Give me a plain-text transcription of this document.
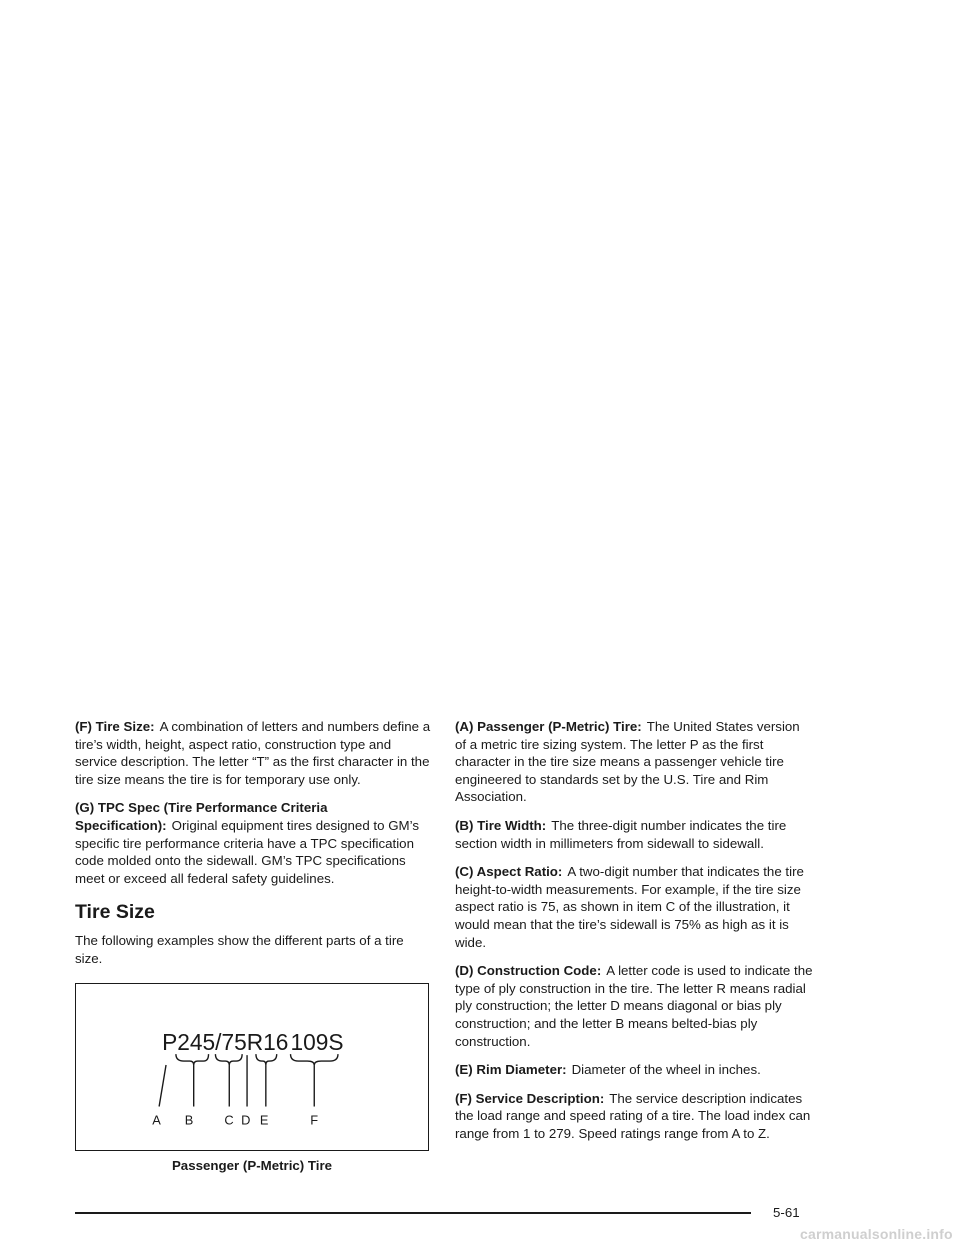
(F) Tire Size: A combination of letters and numbers define a tire’s width, height, aspect ratio, construction type and service description. The letter “T” as the first character in the tire size means the tire is for temporary use only.

(G) TPC Spec (Tire Performance Criteria Specification): Original equipment tires designed to GM’s specific tire performance criteria have a TPC specification code molded onto the sidewall. GM’s TPC specifications meet or exceed all federal safety guidelines.

Tire Size

The following examples show the different parts of a tire size.

P245/75R16 109S
A B C D E	F
Passenger (P-Metric) Tire

(A) Passenger (P-Metric) Tire: The United States version of a metric tire sizing system. The letter P as the first character in the tire size means a passenger vehicle tire engineered to standards set by the U.S. Tire and Rim Association.

(B) Tire Width: The three-digit number indicates the tire section width in millimeters from sidewall to sidewall.

(C) Aspect Ratio: A two-digit number that indicates the tire height-to-width measurements. For example, if the tire size aspect ratio is 75, as shown in item C of the illustration, it would mean that the tire’s sidewall is 75% as high as it is wide.

(D) Construction Code: A letter code is used to indicate the type of ply construction in the tire. The letter R means radial ply construction; the letter D means diagonal or bias ply construction; and the letter B means belted-bias ply construction.

(E) Rim Diameter: Diameter of the wheel in inches.

(F) Service Description: The service description indicates the load range and speed rating of a tire. The load index can range from 1 to 279. Speed ratings range from A to Z.

5-61
carmanualsonline.info
